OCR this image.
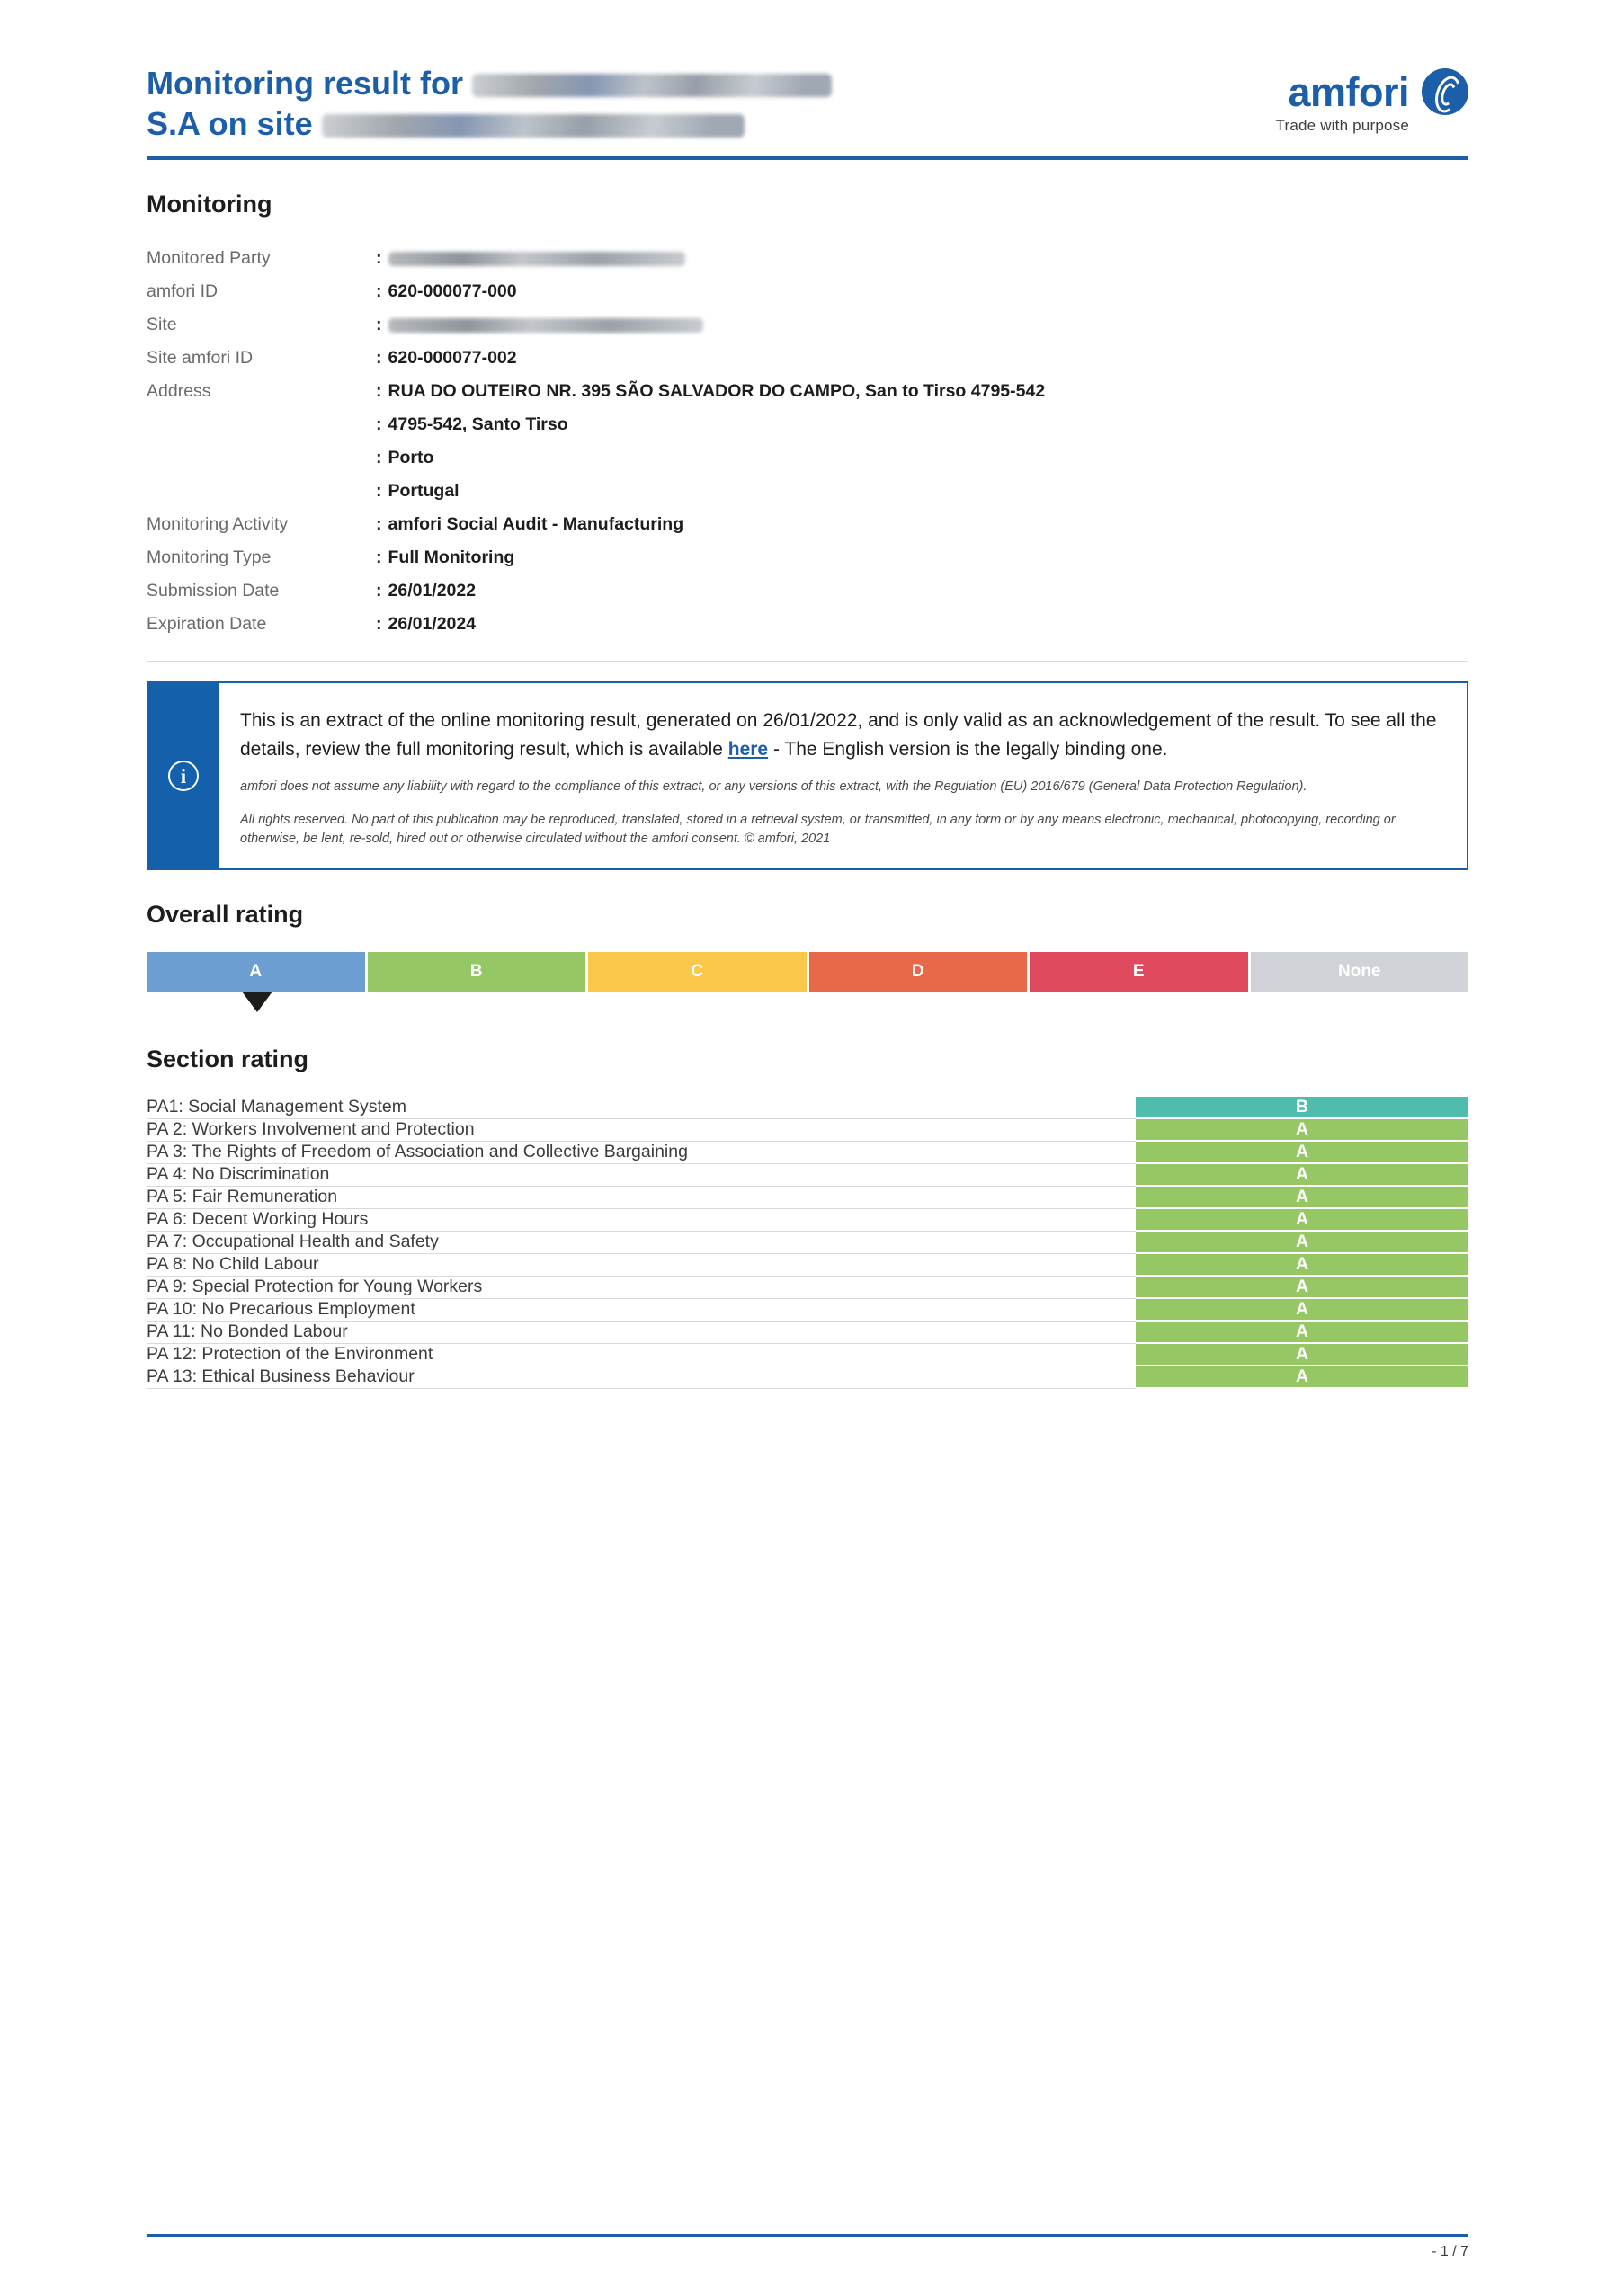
Monitoring result for
S.A on site
amfori
Trade with purpose
Monitoring
Monitored Party	:
amfori ID	: 620-000077-000
Site	:
Site amfori ID	: 620-000077-002
Address	: RUA DO OUTEIRO NR. 395 SÃO SALVADOR DO CAMPO, San to Tirso 4795-542
	: 4795-542, Santo Tirso
	: Porto
	: Portugal
Monitoring Activity	: amfori Social Audit - Manufacturing
Monitoring Type	: Full Monitoring
Submission Date	: 26/01/2022
Expiration Date	: 26/01/2024
i
This is an extract of the online monitoring result, generated on 26/01/2022, and is only valid as an acknowledgement of the result. To see all the details, review the full monitoring result, which is available here - The English version is the legally binding one.
amfori does not assume any liability with regard to the compliance of this extract, or any versions of this extract, with the Regulation (EU) 2016/679 (General Data Protection Regulation).
All rights reserved. No part of this publication may be reproduced, translated, stored in a retrieval system, or transmitted, in any form or by any means electronic, mechanical, photocopying, recording or otherwise, be lent, re-sold, hired out or otherwise circulated without the amfori consent. © amfori, 2021
Overall rating
A	B	C	D	E	None
Section rating
PA1: Social Management System	B
PA 2: Workers Involvement and Protection	A
PA 3: The Rights of Freedom of Association and Collective Bargaining	A
PA 4: No Discrimination	A
PA 5: Fair Remuneration	A
PA 6: Decent Working Hours	A
PA 7: Occupational Health and Safety	A
PA 8: No Child Labour	A
PA 9: Special Protection for Young Workers	A
PA 10: No Precarious Employment	A
PA 11: No Bonded Labour	A
PA 12: Protection of the Environment	A
PA 13: Ethical Business Behaviour	A
- 1 / 7
